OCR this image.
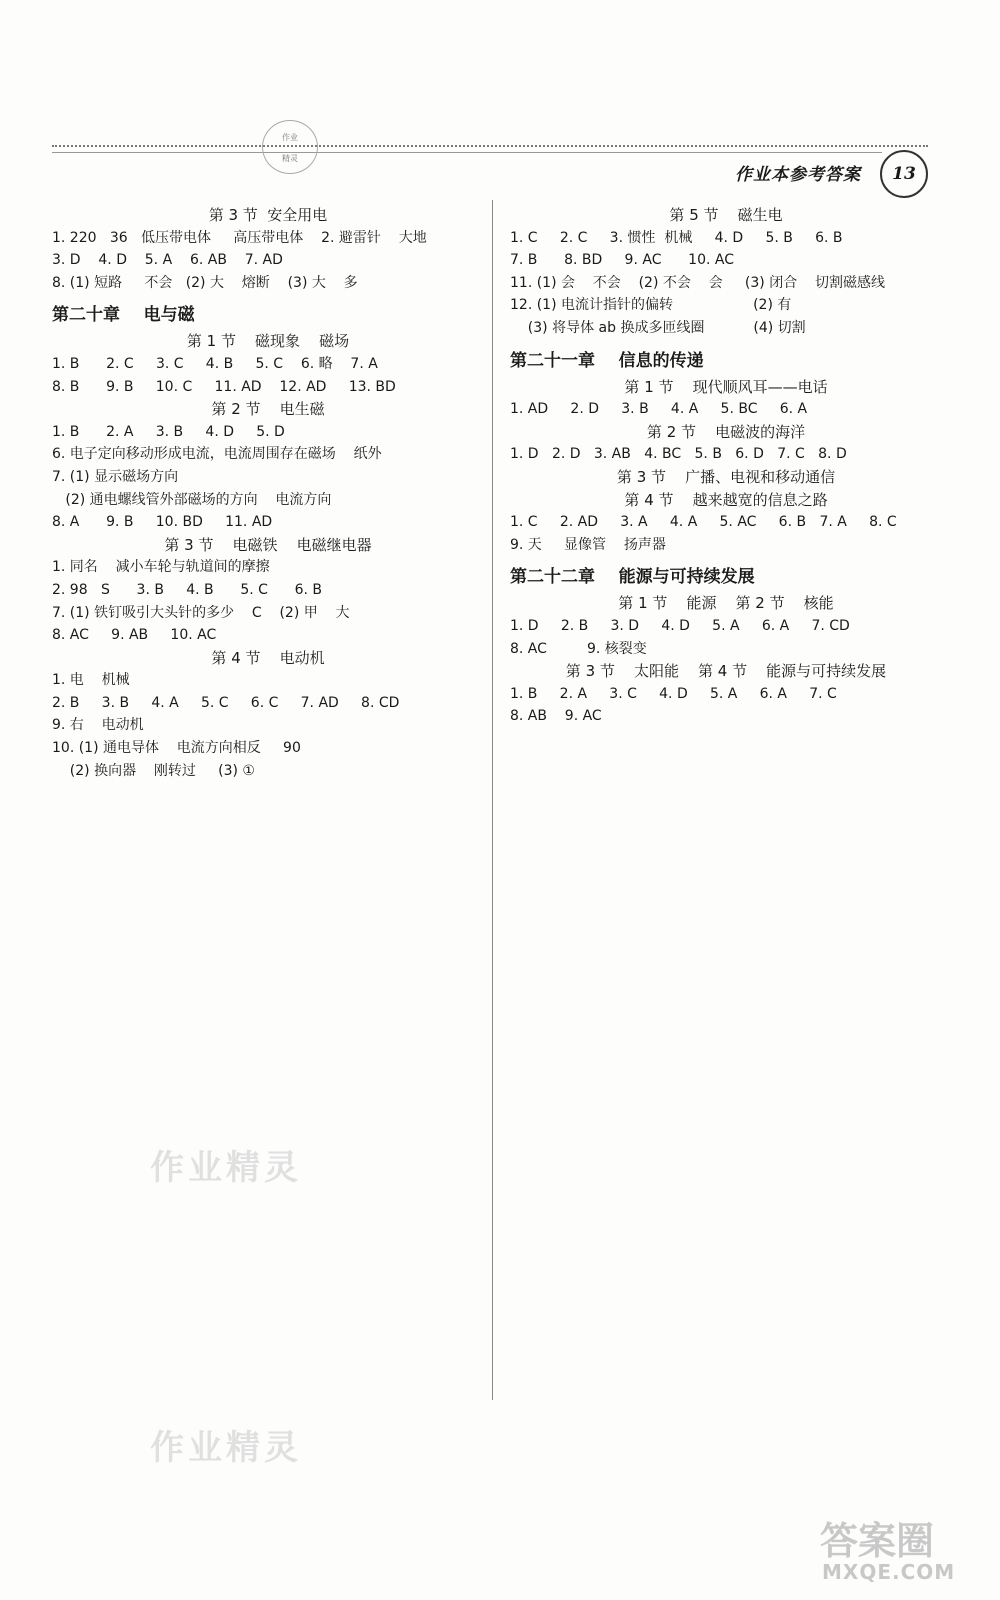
作业
精灵
作业本参考答案	13
第 3 节  安全用电
1. 220   36   低压带电体     高压带电体    2. 避雷针    大地
3. D    4. D    5. A    6. AB    7. AD
8. (1) 短路     不会   (2) 大    熔断    (3) 大    多
第二十章    电与磁
第 1 节    磁现象    磁场
1. B      2. C     3. C     4. B     5. C    6. 略    7. A
8. B      9. B     10. C     11. AD    12. AD     13. BD
第 2 节    电生磁
1. B      2. A     3. B     4. D     5. D
6. 电子定向移动形成电流，电流周围存在磁场    纸外
7. (1) 显示磁场方向
(2) 通电螺线管外部磁场的方向    电流方向
8. A      9. B     10. BD     11. AD
第 3 节    电磁铁    电磁继电器
1. 同名    减小车轮与轨道间的摩擦
2. 98   S      3. B     4. B      5. C      6. B
7. (1) 铁钉吸引大头针的多少    C    (2) 甲    大
8. AC     9. AB     10. AC
第 4 节    电动机
1. 电    机械
2. B     3. B     4. A     5. C     6. C     7. AD     8. CD
9. 右    电动机
10. (1) 通电导体    电流方向相反     90
(2) 换向器    刚转过     (3) ①
第 5 节    磁生电
1. C     2. C     3. 惯性  机械     4. D     5. B     6. B
7. B      8. BD     9. AC      10. AC
11. (1) 会    不会    (2) 不会    会     (3) 闭合    切割磁感线
12. (1) 电流计指针的偏转                  (2) 有
(3) 将导体 ab 换成多匝线圈           (4) 切割
第二十一章    信息的传递
第 1 节    现代顺风耳——电话
1. AD     2. D     3. B     4. A     5. BC     6. A
第 2 节    电磁波的海洋
1. D   2. D   3. AB   4. BC   5. B   6. D   7. C   8. D
第 3 节    广播、电视和移动通信
第 4 节    越来越宽的信息之路
1. C     2. AD     3. A     4. A     5. AC     6. B   7. A     8. C
9. 天     显像管    扬声器
第二十二章    能源与可持续发展
第 1 节    能源    第 2 节    核能
1. D     2. B     3. D     4. D     5. A     6. A     7. CD
8. AC         9. 核裂变
第 3 节    太阳能    第 4 节    能源与可持续发展
1. B     2. A     3. C     4. D     5. A     6. A     7. C
8. AB    9. AC
作业精灵
作业精灵
答案圈
MXQE.COM
